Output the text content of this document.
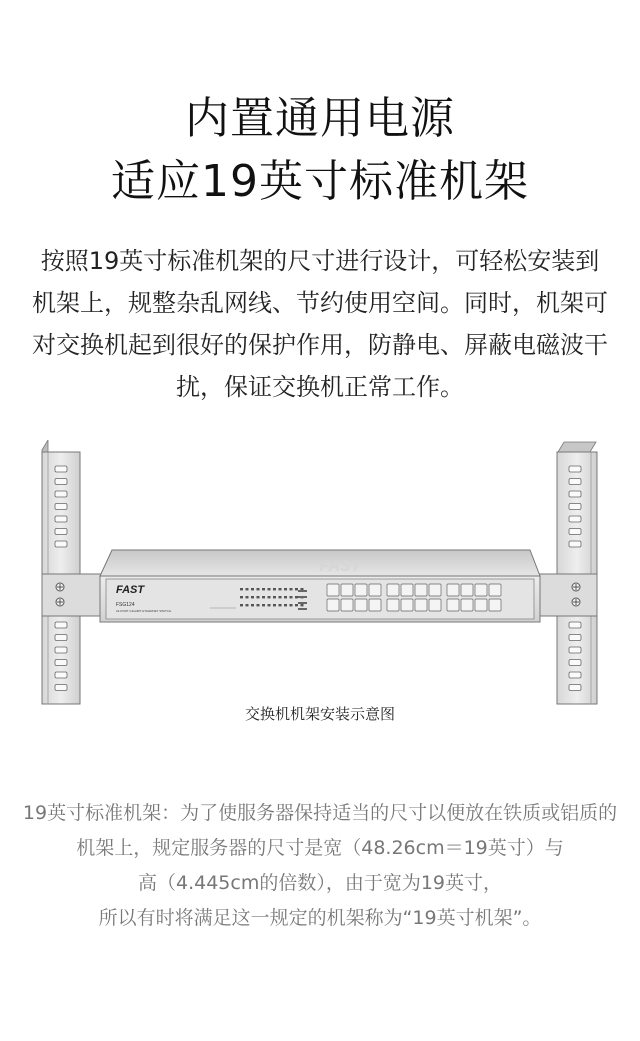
内置通用电源
适应19英寸标准机架
按照19英寸标准机架的尺寸进行设计，可轻松安装到机架上，规整杂乱网线、节约使用空间。同时，机架可对交换机起到很好的保护作用，防静电、屏蔽电磁波干扰，保证交换机正常工作。
FAST
FAST
FSG124
24-PORT GIGABIT ETHERNET SWITCH
交换机机架安装示意图

19英寸标准机架：为了使服务器保持适当的尺寸以便放在铁质或铝质的机架上，规定服务器的尺寸是宽（48.26cm＝19英寸）与

高（4.445cm的倍数），由于宽为19英寸，

所以有时将满足这一规定的机架称为“19英寸机架”。
